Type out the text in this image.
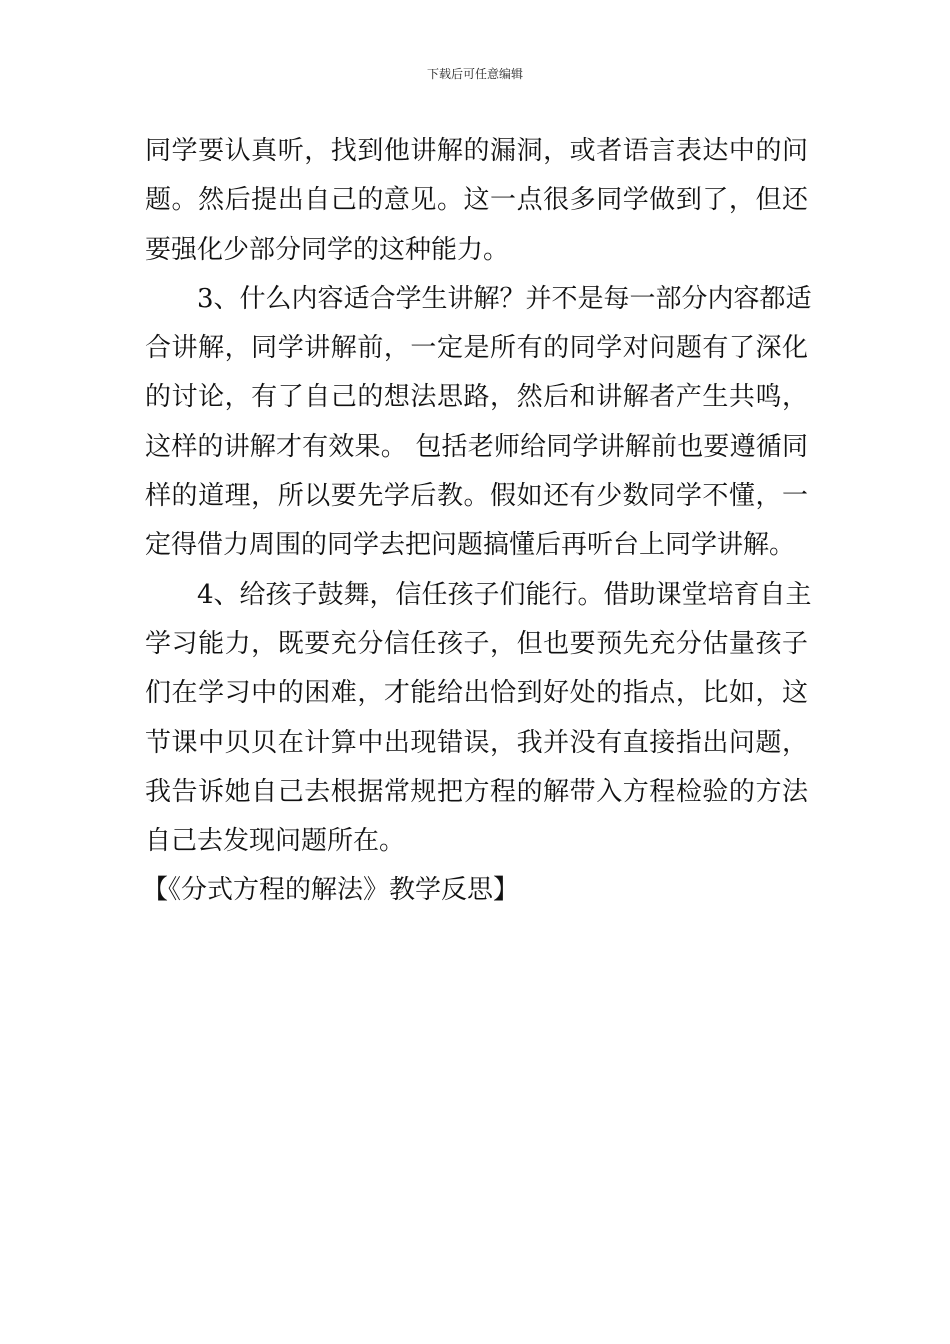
下载后可任意编辑
同学要认真听，找到他讲解的漏洞，或者语言表达中的问
题。然后提出自己的意见。这一点很多同学做到了，但还
要强化少部分同学的这种能力。
　　3、什么内容适合学生讲解？并不是每一部分内容都适
合讲解，同学讲解前，一定是所有的同学对问题有了深化
的讨论，有了自己的想法思路，然后和讲解者产生共鸣，
这样的讲解才有效果。 包括老师给同学讲解前也要遵循同
样的道理，所以要先学后教。假如还有少数同学不懂，一
定得借力周围的同学去把问题搞懂后再听台上同学讲解。
　　4、给孩子鼓舞，信任孩子们能行。借助课堂培育自主
学习能力，既要充分信任孩子，但也要预先充分估量孩子
们在学习中的困难，才能给出恰到好处的指点，比如，这
节课中贝贝在计算中出现错误，我并没有直接指出问题，
我告诉她自己去根据常规把方程的解带入方程检验的方法
自己去发现问题所在。
【《分式方程的解法》教学反思】
